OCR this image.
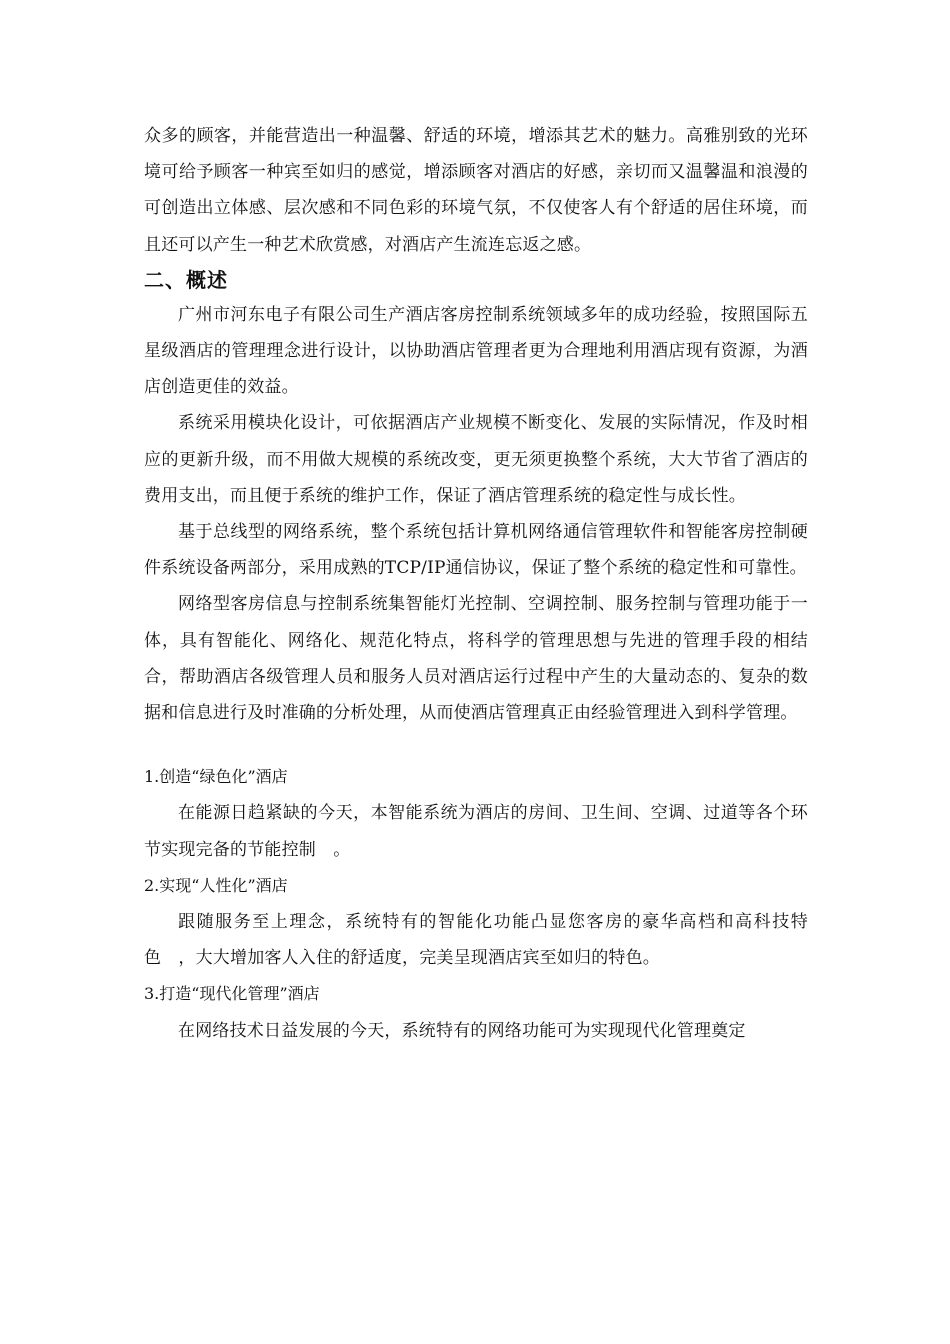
众多的顾客，并能营造出一种温馨、舒适的环境，增添其艺术的魅力。高雅别致的光环境可给予顾客一种宾至如归的感觉，增添顾客对酒店的好感，亲切而又温馨温和浪漫的可创造出立体感、层次感和不同色彩的环境气氛，不仅使客人有个舒适的居住环境，而且还可以产生一种艺术欣赏感，对酒店产生流连忘返之感。

二、概述

广州市河东电子有限公司生产酒店客房控制系统领域多年的成功经验，按照国际五星级酒店的管理理念进行设计，以协助酒店管理者更为合理地利用酒店现有资源，为酒店创造更佳的效益。

系统采用模块化设计，可依据酒店产业规模不断变化、发展的实际情况，作及时相应的更新升级，而不用做大规模的系统改变，更无须更换整个系统，大大节省了酒店的费用支出，而且便于系统的维护工作，保证了酒店管理系统的稳定性与成长性。

基于总线型的网络系统，整个系统包括计算机网络通信管理软件和智能客房控制硬件系统设备两部分，采用成熟的TCP/IP通信协议，保证了整个系统的稳定性和可靠性。

网络型客房信息与控制系统集智能灯光控制、空调控制、服务控制与管理功能于一体，具有智能化、网络化、规范化特点，将科学的管理思想与先进的管理手段的相结合，帮助酒店各级管理人员和服务人员对酒店运行过程中产生的大量动态的、复杂的数据和信息进行及时准确的分析处理，从而使酒店管理真正由经验管理进入到科学管理。

1.创造“绿色化”酒店

在能源日趋紧缺的今天，本智能系统为酒店的房间、卫生间、空调、过道等各个环节实现完备的节能控制　。

2.实现“人性化”酒店

跟随服务至上理念，系统特有的智能化功能凸显您客房的豪华高档和高科技特色　，大大增加客人入住的舒适度，完美呈现酒店宾至如归的特色。

3.打造“现代化管理”酒店

在网络技术日益发展的今天，系统特有的网络功能可为实现现代化管理奠定
